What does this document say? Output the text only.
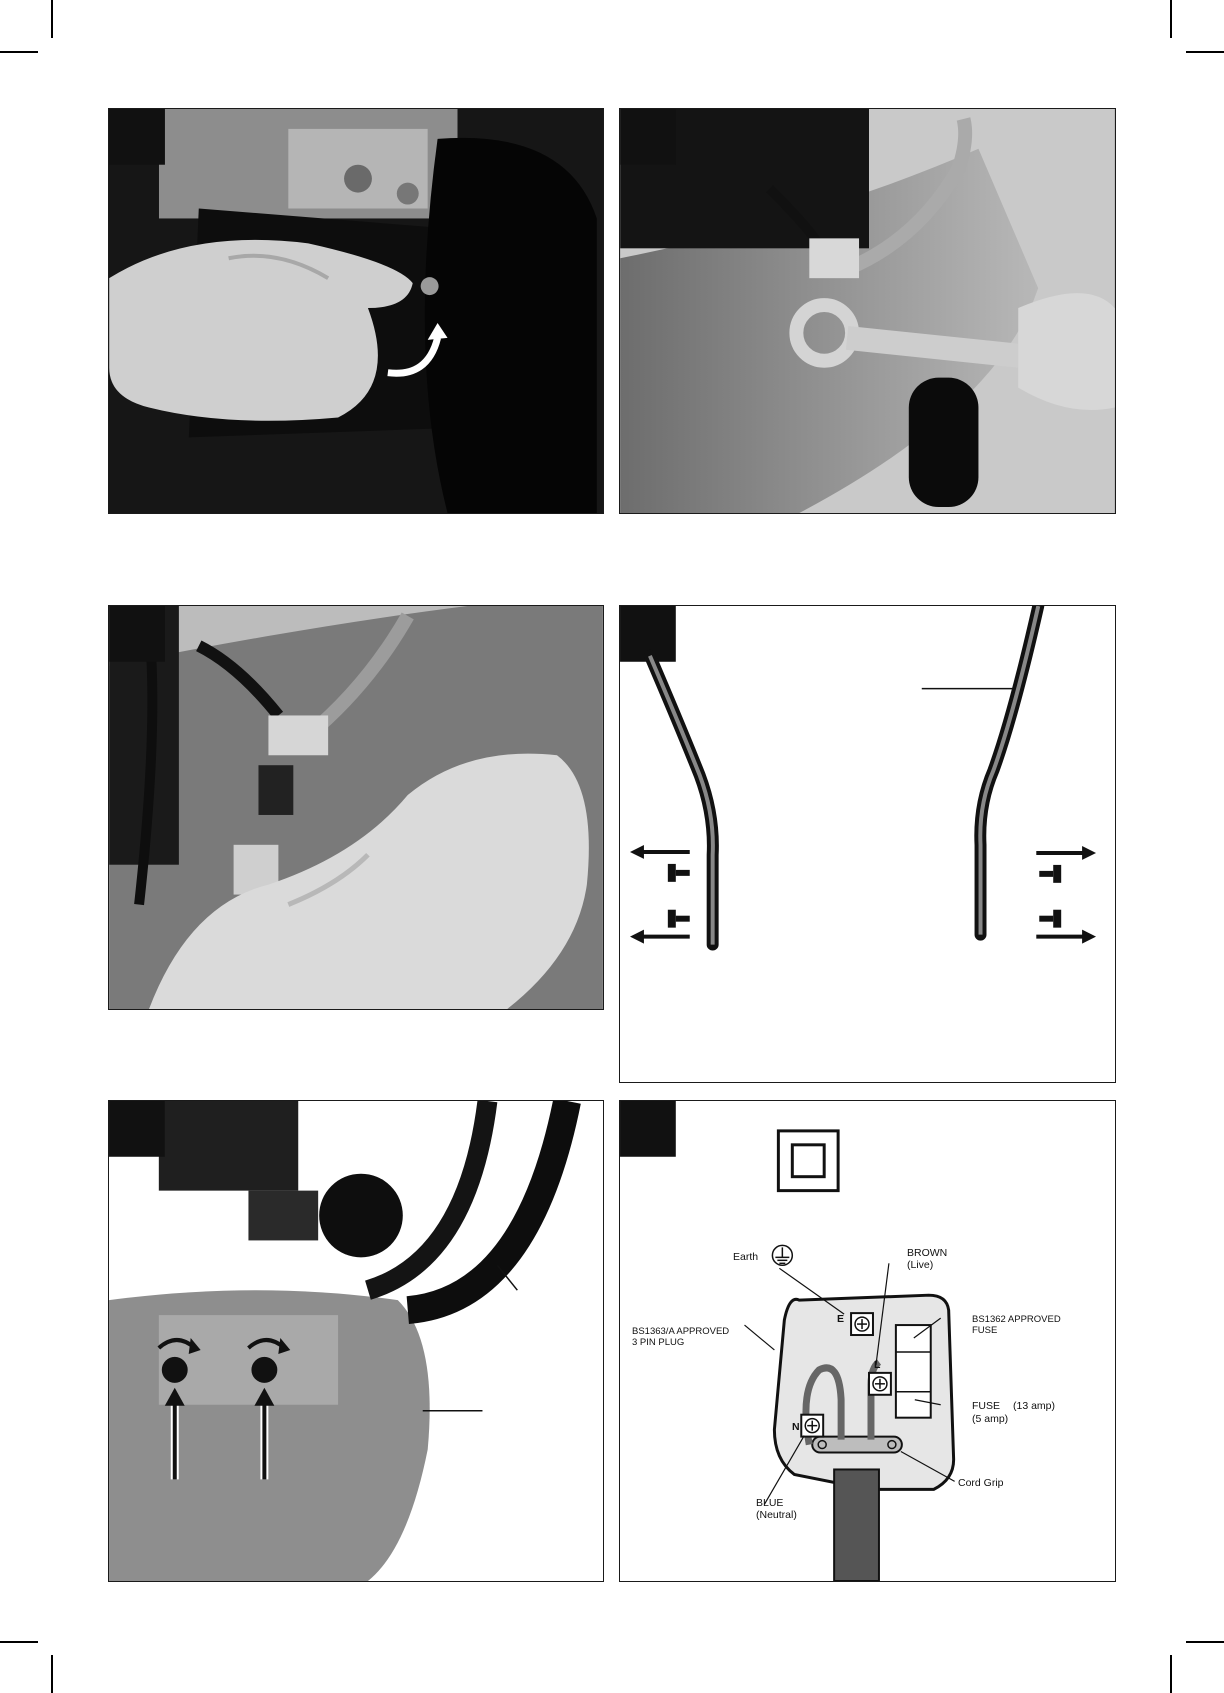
Earth
E
BROWN
(Live)
L
BS1362 APPROVED
FUSE
BS1363/A APPROVED
3 PIN PLUG
FUSE (13 amp)
(5 amp)
N
BLUE
(Neutral)
Cord Grip
